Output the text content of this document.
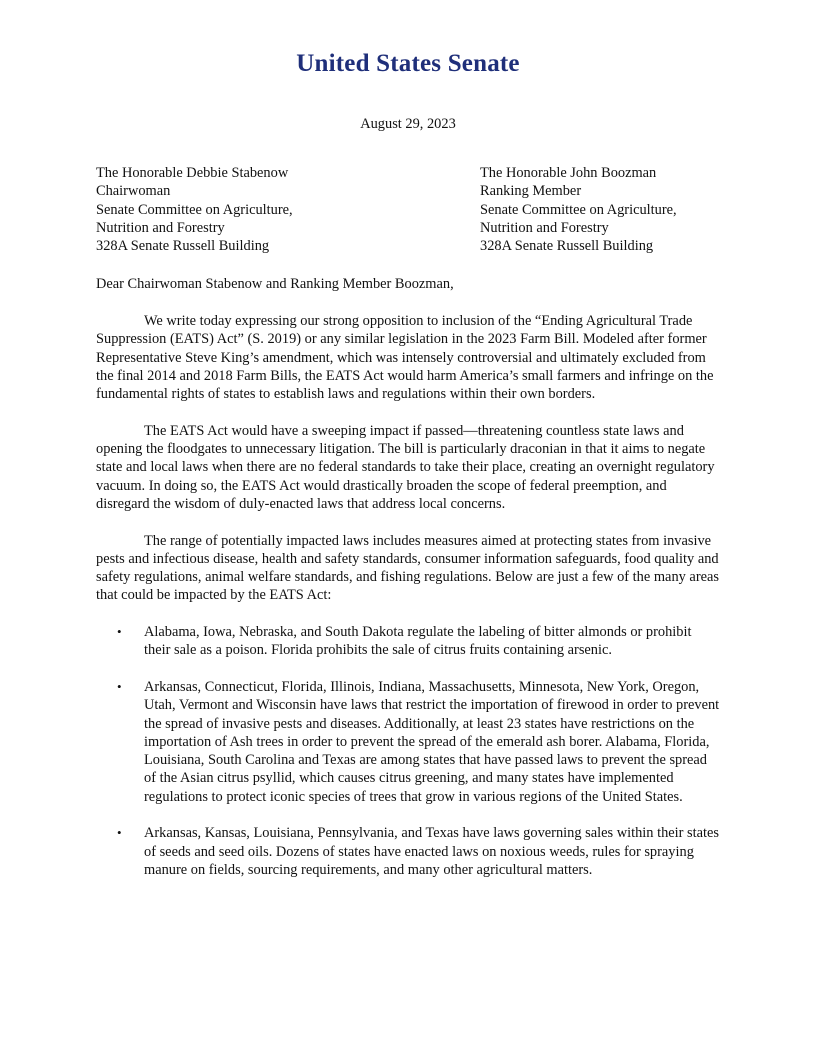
United States Senate
August 29, 2023
The Honorable Debbie Stabenow
Chairwoman
Senate Committee on Agriculture,
Nutrition and Forestry
328A Senate Russell Building
The Honorable John Boozman
Ranking Member
Senate Committee on Agriculture,
Nutrition and Forestry
328A Senate Russell Building
Dear Chairwoman Stabenow and Ranking Member Boozman,

We write today expressing our strong opposition to inclusion of the “Ending Agricultural Trade Suppression (EATS) Act” (S. 2019) or any similar legislation in the 2023 Farm Bill. Modeled after former Representative Steve King’s amendment, which was intensely controversial and ultimately excluded from the final 2014 and 2018 Farm Bills, the EATS Act would harm America’s small farmers and infringe on the fundamental rights of states to establish laws and regulations within their own borders.

The EATS Act would have a sweeping impact if passed—threatening countless state laws and opening the floodgates to unnecessary litigation. The bill is particularly draconian in that it aims to negate state and local laws when there are no federal standards to take their place, creating an overnight regulatory vacuum. In doing so, the EATS Act would drastically broaden the scope of federal preemption, and disregard the wisdom of duly-enacted laws that address local concerns.

The range of potentially impacted laws includes measures aimed at protecting states from invasive pests and infectious disease, health and safety standards, consumer information safeguards, food quality and safety regulations, animal welfare standards, and fishing regulations. Below are just a few of the many areas that could be impacted by the EATS Act:

• Alabama, Iowa, Nebraska, and South Dakota regulate the labeling of bitter almonds or prohibit their sale as a poison. Florida prohibits the sale of citrus fruits containing arsenic.
• Arkansas, Connecticut, Florida, Illinois, Indiana, Massachusetts, Minnesota, New York, Oregon, Utah, Vermont and Wisconsin have laws that restrict the importation of firewood in order to prevent the spread of invasive pests and diseases. Additionally, at least 23 states have restrictions on the importation of Ash trees in order to prevent the spread of the emerald ash borer. Alabama, Florida, Louisiana, South Carolina and Texas are among states that have passed laws to prevent the spread of the Asian citrus psyllid, which causes citrus greening, and many states have implemented regulations to protect iconic species of trees that grow in various regions of the United States.
• Arkansas, Kansas, Louisiana, Pennsylvania, and Texas have laws governing sales within their states of seeds and seed oils. Dozens of states have enacted laws on noxious weeds, rules for spraying manure on fields, sourcing requirements, and many other agricultural matters.
